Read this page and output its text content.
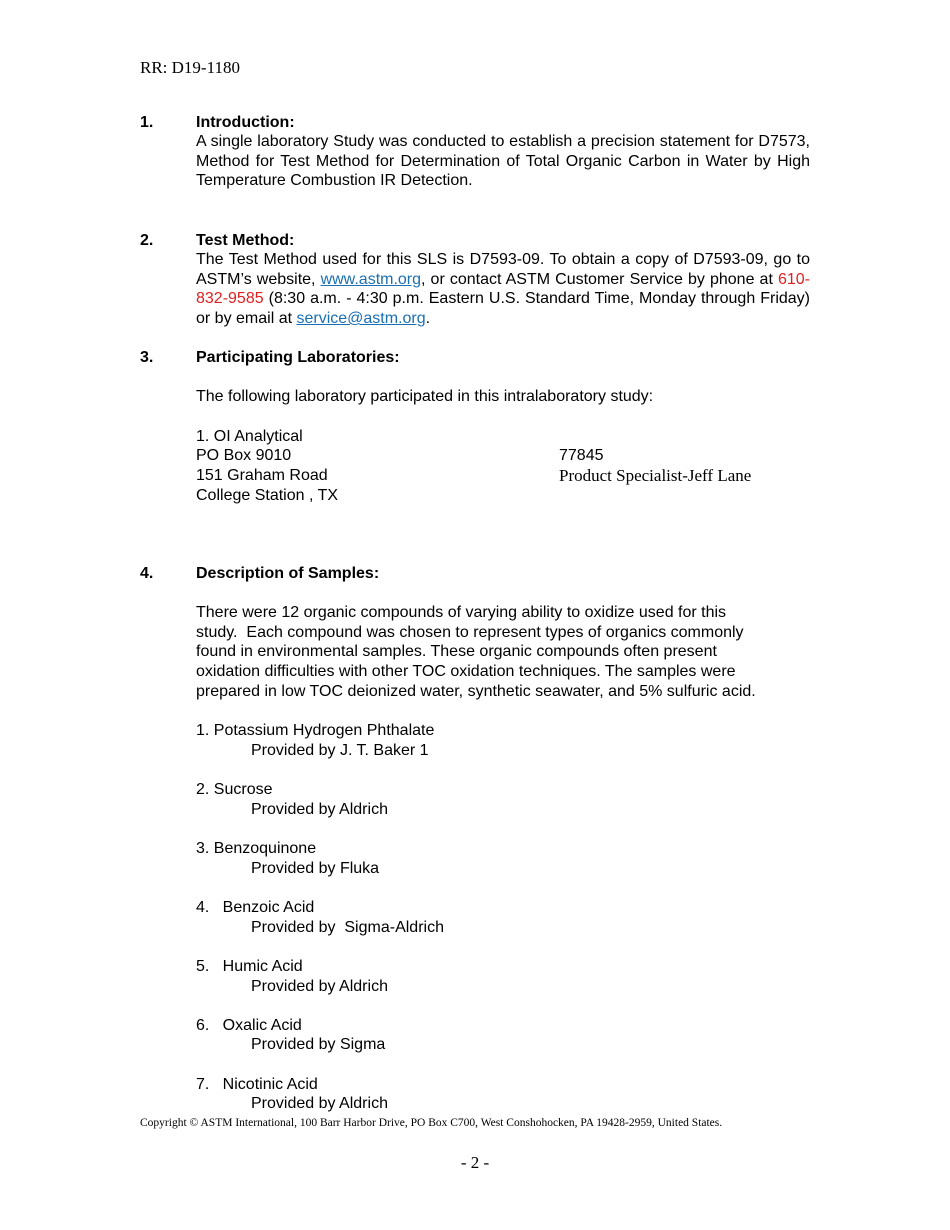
RR: D19-1180
1.	Introduction:
A single laboratory Study was conducted to establish a precision statement for D7573, Method for Test Method for Determination of Total Organic Carbon in Water by High Temperature Combustion IR Detection.
2.	Test Method:
The Test Method used for this SLS is D7593-09. To obtain a copy of D7593-09, go to ASTM’s website, www.astm.org, or contact ASTM Customer Service by phone at 610-832-9585 (8:30 a.m. - 4:30 p.m. Eastern U.S. Standard Time, Monday through Friday) or by email at service@astm.org.
3.	Participating Laboratories:
The following laboratory participated in this intralaboratory study:
1. OI Analytical
PO Box 9010
151 Graham Road
College Station , TX
77845
Product Specialist-Jeff Lane
4.	Description of Samples:
There were 12 organic compounds of varying ability to oxidize used for this
study.  Each compound was chosen to represent types of organics commonly
found in environmental samples. These organic compounds often present
oxidation difficulties with other TOC oxidation techniques. The samples were
prepared in low TOC deionized water, synthetic seawater, and 5% sulfuric acid.
1. Potassium Hydrogen Phthalate
Provided by J. T. Baker 1
2. Sucrose
Provided by Aldrich
3. Benzoquinone
Provided by Fluka
4.   Benzoic Acid
Provided by  Sigma-Aldrich
5.   Humic Acid
Provided by Aldrich
6.   Oxalic Acid
Provided by Sigma
7.   Nicotinic Acid
Provided by Aldrich
Copyright © ASTM International, 100 Barr Harbor Drive, PO Box C700, West Conshohocken, PA 19428-2959, United States.
- 2 -
